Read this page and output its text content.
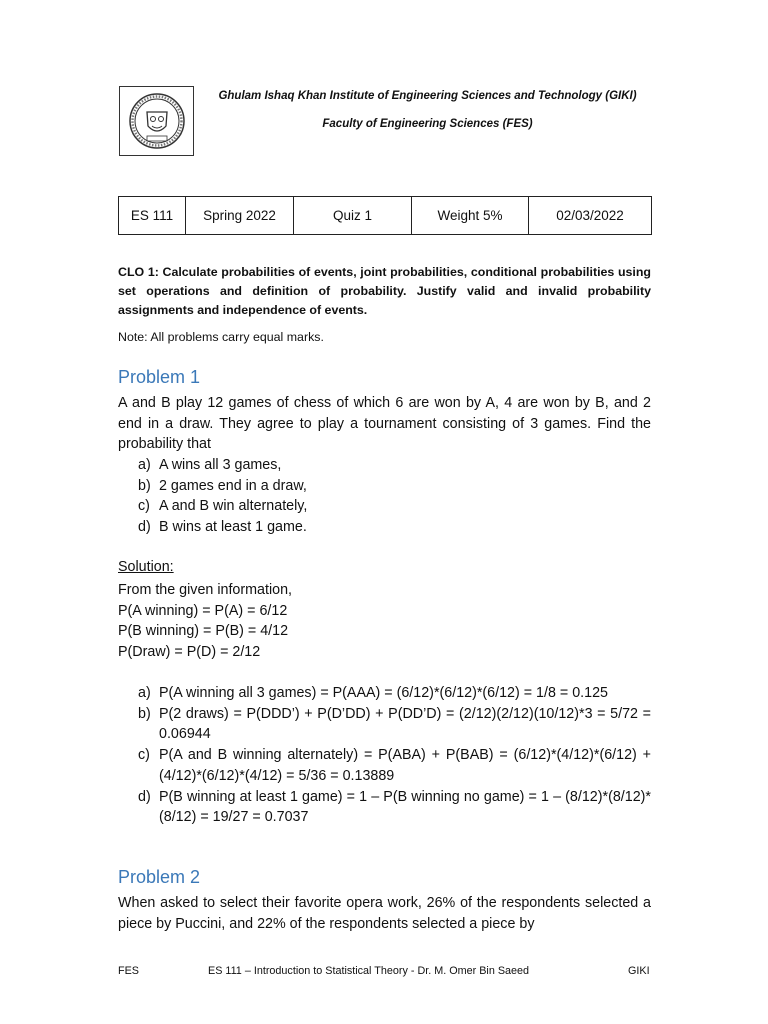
Ghulam Ishaq Khan Institute of Engineering Sciences and Technology (GIKI)
Faculty of Engineering Sciences (FES)
ES 111	Spring 2022	Quiz 1	Weight 5%	02/03/2022
CLO 1: Calculate probabilities of events, joint probabilities, conditional probabilities using set operations and definition of probability. Justify valid and invalid probability assignments and independence of events.
Note: All problems carry equal marks.
Problem 1
A and B play 12 games of chess of which 6 are won by A, 4 are won by B, and 2 end in a draw. They agree to play a tournament consisting of 3 games. Find the probability that
a) A wins all 3 games,
b) 2 games end in a draw,
c) A and B win alternately,
d) B wins at least 1 game.
Solution:
From the given information,
P(A winning) = P(A) = 6/12
P(B winning) = P(B) = 4/12
P(Draw) = P(D) = 2/12
a) P(A winning all 3 games) = P(AAA) = (6/12)*(6/12)*(6/12) = 1/8 = 0.125
b) P(2 draws) = P(DDD’) + P(D’DD) + P(DD’D) = (2/12)(2/12)(10/12)*3 = 5/72 = 0.06944
c) P(A and B winning alternately) = P(ABA) + P(BAB) = (6/12)*(4/12)*(6/12) + (4/12)*(6/12)*(4/12) = 5/36 = 0.13889
d) P(B winning at least 1 game) = 1 – P(B winning no game) = 1 – (8/12)*(8/12)*(8/12) = 19/27 = 0.7037
Problem 2
When asked to select their favorite opera work, 26% of the respondents selected a piece by Puccini, and 22% of the respondents selected a piece by
FES	ES 111 – Introduction to Statistical Theory - Dr. M. Omer Bin Saeed	GIKI
